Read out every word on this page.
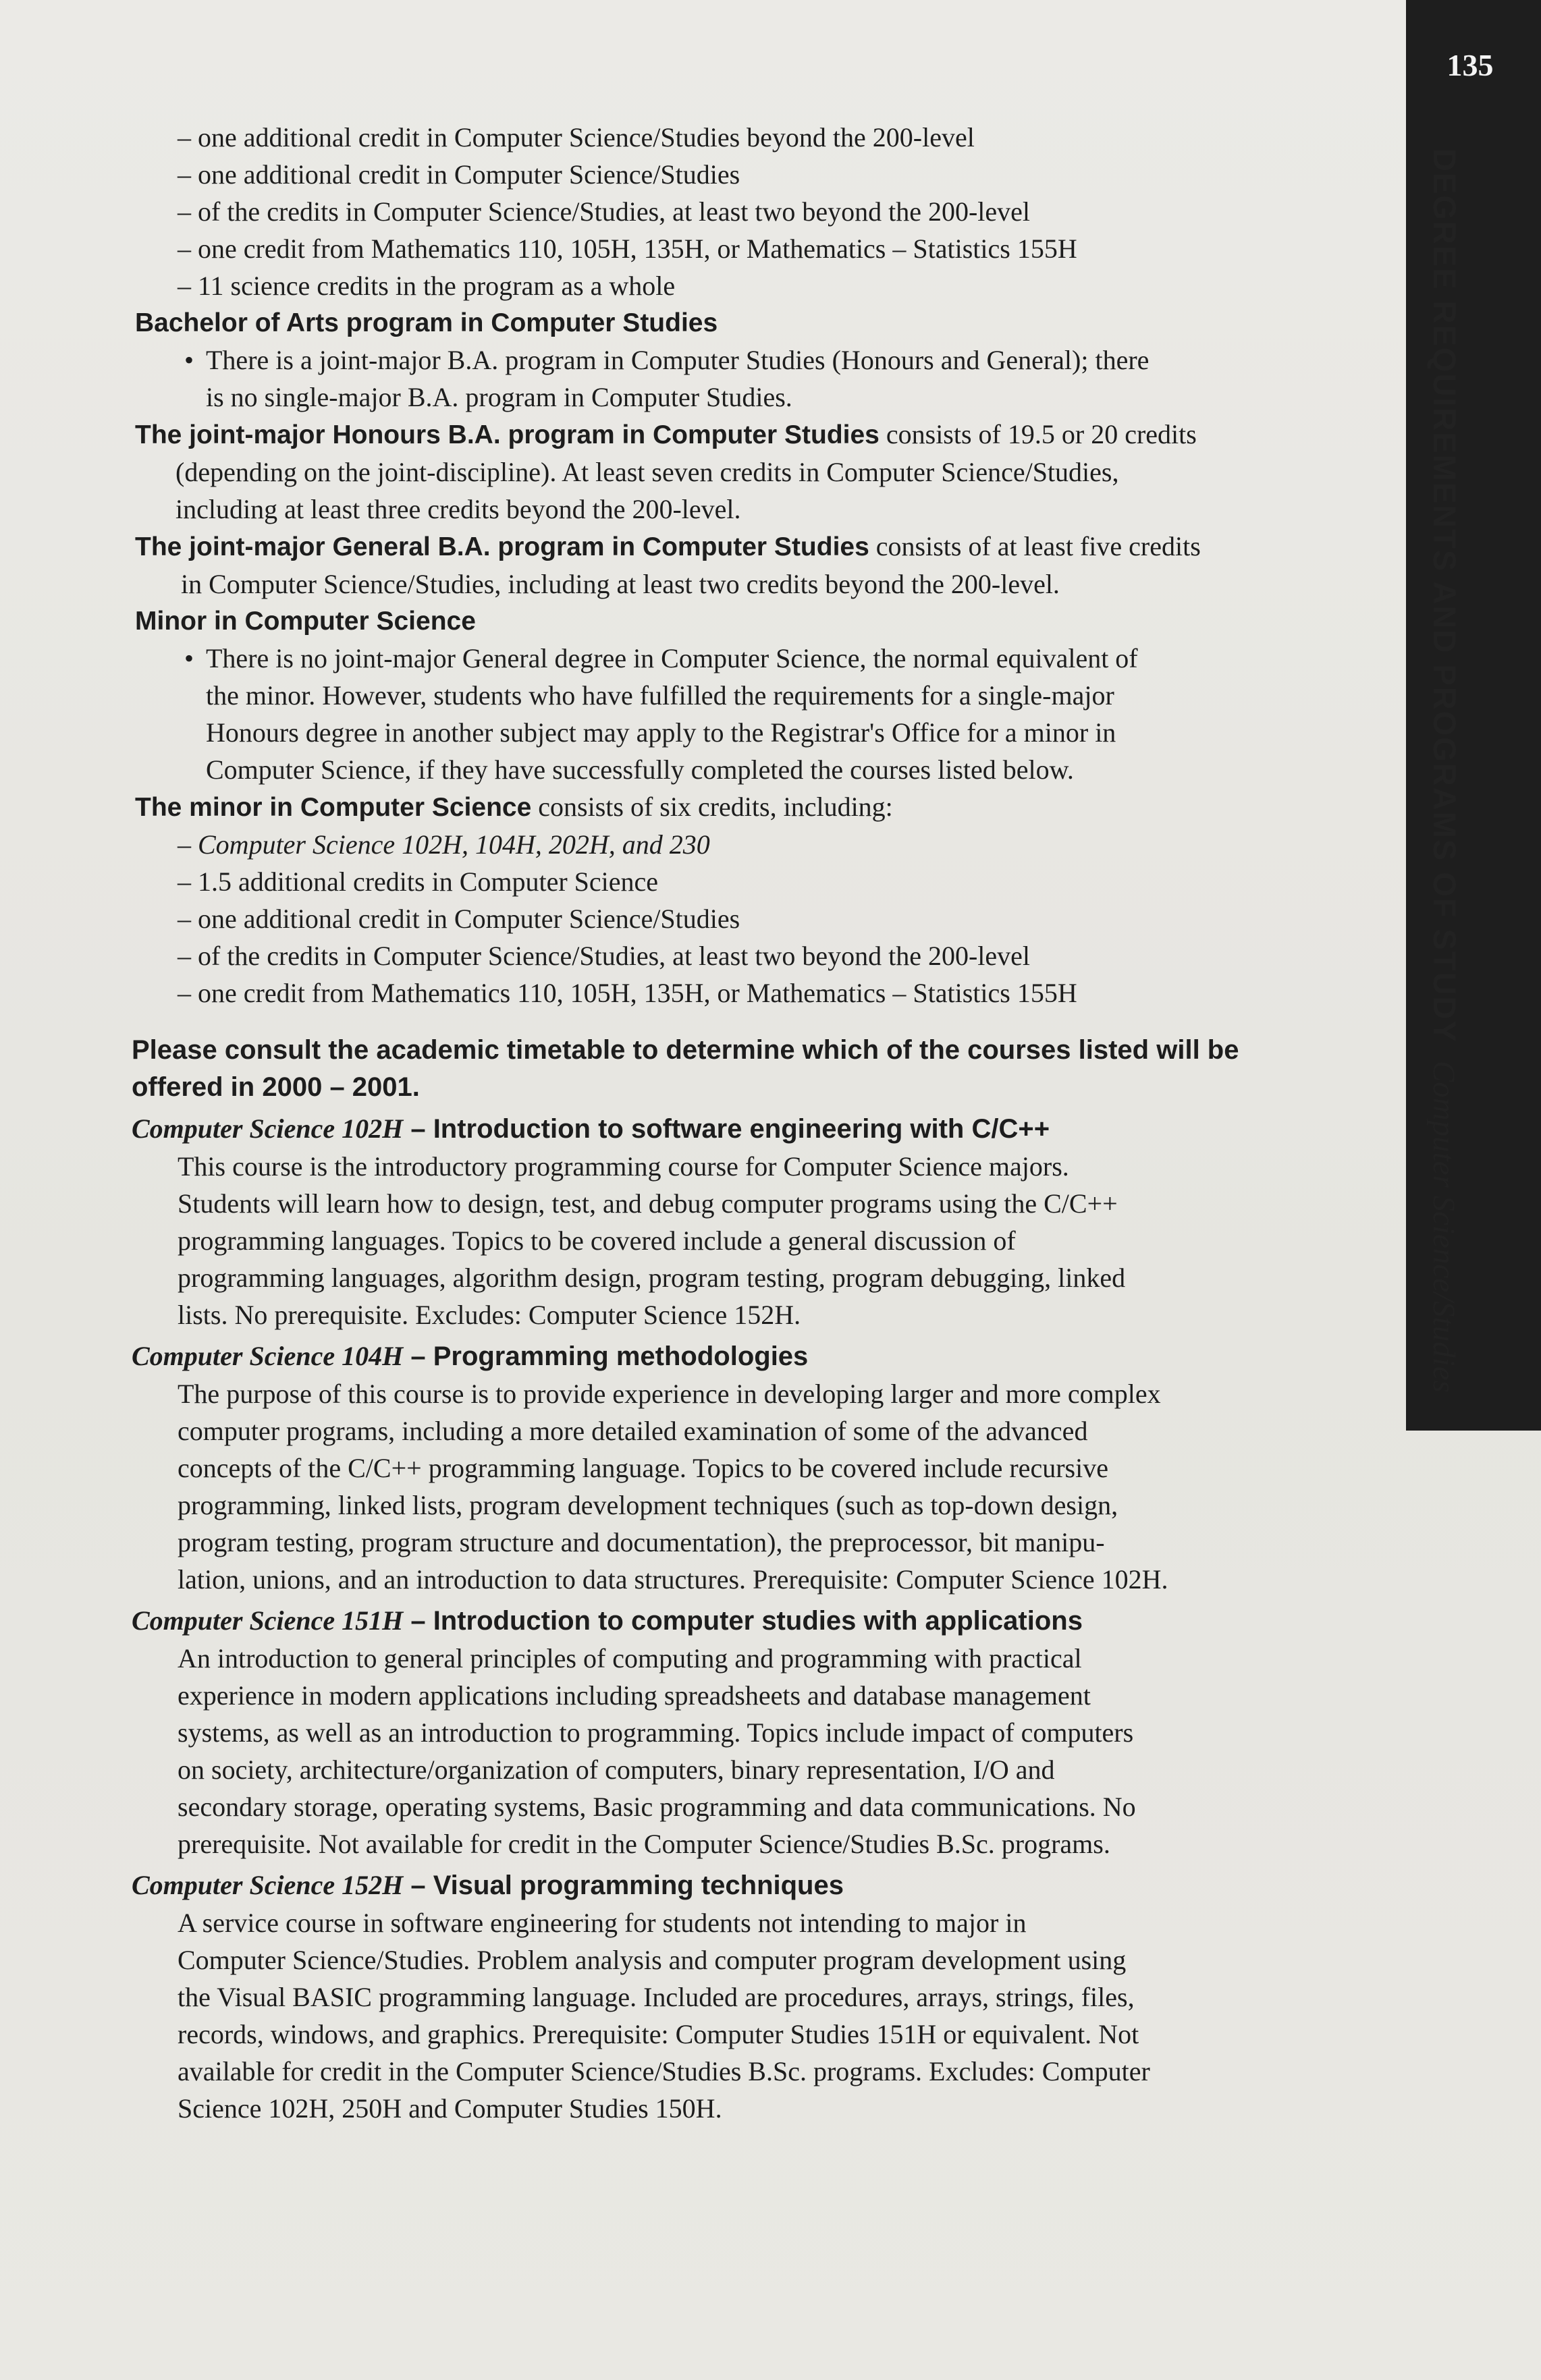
135
DEGREE REQUIREMENTS AND PROGRAMS OF STUDYComputer Science/Studies
– one additional credit in Computer Science/Studies beyond the 200-level
– one additional credit in Computer Science/Studies
– of the credits in Computer Science/Studies, at least two beyond the 200-level
– one credit from Mathematics 110, 105H, 135H, or Mathematics – Statistics 155H
– 11 science credits in the program as a whole
Bachelor of Arts program in Computer Studies
• There is a joint-major B.A. program in Computer Studies (Honours and General); there
is no single-major B.A. program in Computer Studies.
The joint-major Honours B.A. program in Computer Studies consists of 19.5 or 20 credits
(depending on the joint-discipline). At least seven credits in Computer Science/Studies,
including at least three credits beyond the 200-level.
The joint-major General B.A. program in Computer Studies consists of at least five credits
in Computer Science/Studies, including at least two credits beyond the 200-level.
Minor in Computer Science
• There is no joint-major General degree in Computer Science, the normal equivalent of
the minor. However, students who have fulfilled the requirements for a single-major
Honours degree in another subject may apply to the Registrar's Office for a minor in
Computer Science, if they have successfully completed the courses listed below.
The minor in Computer Science consists of six credits, including:
– Computer Science 102H, 104H, 202H, and 230
– 1.5 additional credits in Computer Science
– one additional credit in Computer Science/Studies
– of the credits in Computer Science/Studies, at least two beyond the 200-level
– one credit from Mathematics 110, 105H, 135H, or Mathematics – Statistics 155H
Please consult the academic timetable to determine which of the courses listed will be
offered in 2000 – 2001.
Computer Science 102H – Introduction to software engineering with C/C++
This course is the introductory programming course for Computer Science majors.
Students will learn how to design, test, and debug computer programs using the C/C++
programming languages. Topics to be covered include a general discussion of
programming languages, algorithm design, program testing, program debugging, linked
lists. No prerequisite. Excludes: Computer Science 152H.
Computer Science 104H – Programming methodologies
The purpose of this course is to provide experience in developing larger and more complex
computer programs, including a more detailed examination of some of the advanced
concepts of the C/C++ programming language. Topics to be covered include recursive
programming, linked lists, program development techniques (such as top-down design,
program testing, program structure and documentation), the preprocessor, bit manipu-
lation, unions, and an introduction to data structures. Prerequisite: Computer Science 102H.
Computer Science 151H – Introduction to computer studies with applications
An introduction to general principles of computing and programming with practical
experience in modern applications including spreadsheets and database management
systems, as well as an introduction to programming. Topics include impact of computers
on society, architecture/organization of computers, binary representation, I/O and
secondary storage, operating systems, Basic programming and data communications. No
prerequisite. Not available for credit in the Computer Science/Studies B.Sc. programs.
Computer Science 152H – Visual programming techniques
A service course in software engineering for students not intending to major in
Computer Science/Studies. Problem analysis and computer program development using
the Visual BASIC programming language. Included are procedures, arrays, strings, files,
records, windows, and graphics. Prerequisite: Computer Studies 151H or equivalent. Not
available for credit in the Computer Science/Studies B.Sc. programs. Excludes: Computer
Science 102H, 250H and Computer Studies 150H.
